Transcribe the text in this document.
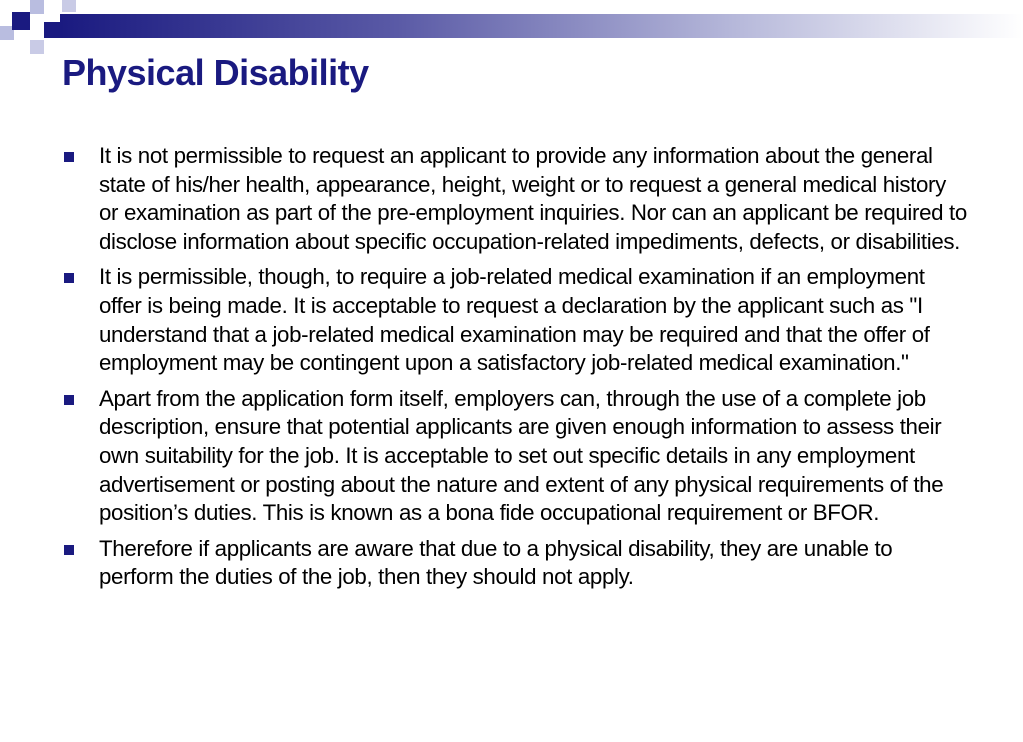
Physical Disability
It is not permissible to request an applicant to provide any information about the general state of his/her health, appearance, height, weight or to request a general medical history or examination as part of the pre-employment inquiries. Nor can an applicant be required to disclose information about specific occupation-related impediments, defects, or disabilities.
It is permissible, though, to require a job-related medical examination if an employment offer is being made. It is acceptable to request a declaration by the applicant such as "I understand that a job-related medical examination may be required and that the offer of employment may be contingent upon a satisfactory job-related medical examination."
Apart from the application form itself, employers can, through the use of a complete job description, ensure that potential applicants are given enough information to assess their own suitability for the job. It is acceptable to set out specific details in any employment advertisement or posting about the nature and extent of any physical requirements of the position’s duties. This is known as a bona fide occupational requirement or BFOR.
Therefore if applicants are aware that due to a physical disability, they are unable to perform the duties of the job, then they should not apply.
